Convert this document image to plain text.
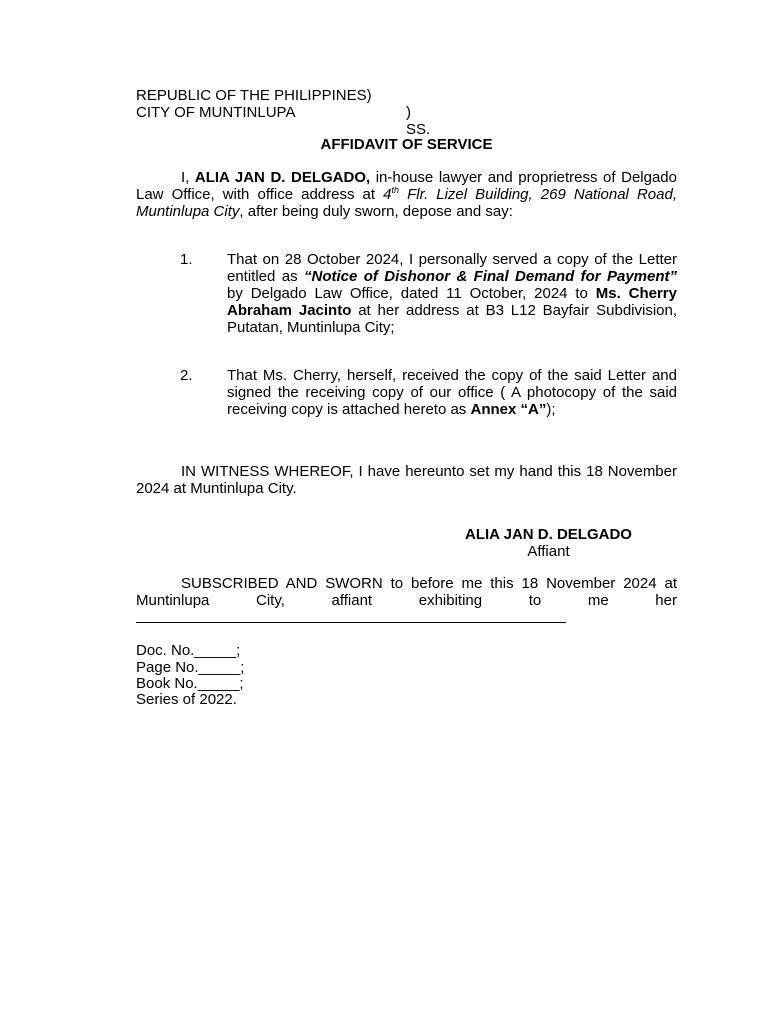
REPUBLIC OF THE PHILIPPINES)
CITY OF MUNTINLUPA	) SS.
AFFIDAVIT OF SERVICE
I, ALIA JAN D. DELGADO, in-house lawyer and proprietress of Delgado Law Office, with office address at 4th Flr. Lizel Building, 269 National Road, Muntinlupa City, after being duly sworn, depose and say:
1. That on 28 October 2024, I personally served a copy of the Letter entitled as “Notice of Dishonor & Final Demand for Payment” by Delgado Law Office, dated 11 October, 2024 to Ms. Cherry Abraham Jacinto at her address at B3 L12 Bayfair Subdivision, Putatan, Muntinlupa City;
2. That Ms. Cherry, herself, received the copy of the said Letter and signed the receiving copy of our office ( A photocopy of the said receiving copy is attached hereto as Annex “A”);
IN WITNESS WHEREOF, I have hereunto set my hand this 18 November 2024 at Muntinlupa City.
ALIA JAN D. DELGADO
Affiant
SUBSCRIBED AND SWORN to before me this 18 November 2024 at Muntinlupa City, affiant exhibiting to me her
Doc. No._____;
Page No._____;
Book No._____;
Series of 2022.
